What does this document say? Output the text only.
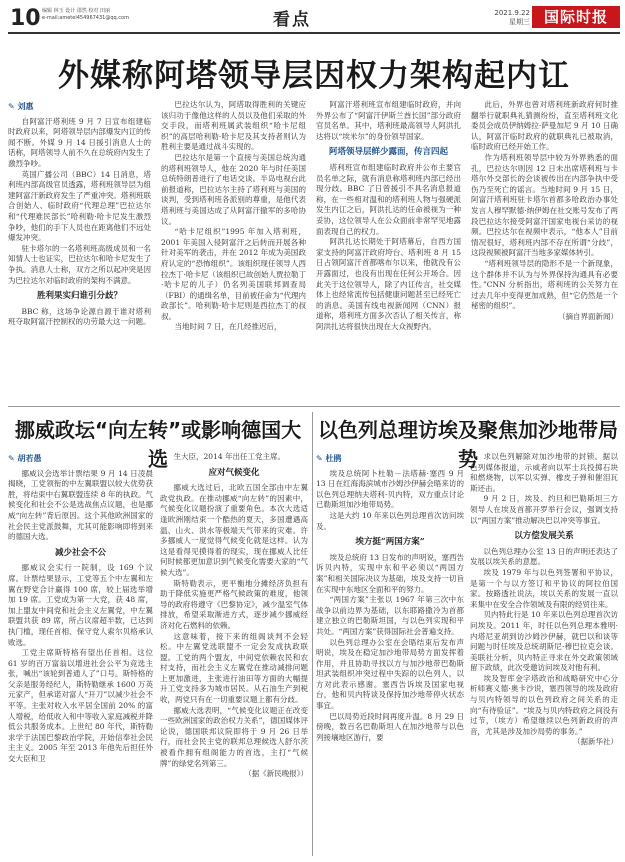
10 编辑 林玉 设计 邵然 校对 田丽
e-mail:ametel454967431@qq.com	看点	2021.9.22
星期三 国际时报
外媒称阿塔领导层因权力架构起内讧
✎ 刘惠

自阿富汗塔利班 9 月 7 日宣布组建临时政府以来，阿塔领导层内部爆发内讧的传闻不断。外媒 9 月 14 日援引消息人士的话称，阿塔领导人前不久在总统府内发生了激烈争吵。

英国广播公司（BBC）14 日消息，塔利班内部高级官员透露，塔利班领导层为组建阿富汗新政府发生了严重冲突。塔利班联合创始人、临时政府“代理总理”巴拉达尔和“代理难民部长”哈利勒·哈卡尼发生激烈争吵，他们的手下人员也在距离他们不远处爆发冲突。

驻卡塔尔的一名塔利班高级成员和一名知情人士也证实，巴拉达尔和哈卡尼发生了争执。消息人士称，双方之所以起冲突是因为巴拉达尔对临时政府的架构不满意。

胜利果实归谁引分歧？

BBC 称，这场争论源自源于谁对塔利班夺取阿富汗控制权的功劳最大这一问题。

巴拉达尔认为，阿塔取得胜利的关键应该归功于像他这样的人员以及他们采取的外交手段，而塔利班属武装组织“哈卡尼组织”的高层哈利勒·哈卡尼及其支持者则认为胜利主要是通过战斗实现的。

巴拉达尔是第一个直接与美国总统沟通的塔利班领导人，他在 2020 年与时任美国总统特朗普进行了电话交谈。半岛电视台此前报道称，巴拉达尔主持了塔利班与美国的谈判，受到塔利班各派别的尊重，是他代表塔利班与美国达成了从阿富汗撤军的多哈协议。

“哈卡尼组织”1995 年加入塔利班，2001 年美国入侵阿富汗之后转而开展各种针对美军的袭击，并在 2012 年成为美国政府认定的“恐怖组织”。该组织现任领导人西拉杰丁·哈卡尼（该组织已故创始人贾拉勒丁·哈卡尼的儿子）仍名列美国联邦调查局（FBI）的通缉名单，目前被任命为“代理内政部长”。哈利勒·哈卡尼则是西拉杰丁的叔叔。

当地时间 7 日，在几经推迟后，

阿富汗塔利班宣布组建临时政府，并向外界公布了“阿富汗伊斯兰酋长国”部分政府官员名单。其中，塔利班最高领导人阿洪扎达将以“埃米尔”的身份领导国家。

阿塔领导层鲜少露面，传言四起

塔利班宣布组建临时政府并公布主要官员名单之际，就有消息称塔利班内部已经出现分歧。BBC 了日曾援引不具名消息报道称，在一些相对温和的塔利班人物与强硬派发生内讧之后，阿洪扎达的任命被视为一种妥协，这位领导人在公众面前非常罕见地露面表现自己的权力。

阿洪扎达长期处于阿塔幕后，自西方国家支持的阿富汗政府垮台、塔利班 8 月 15 日占领阿富汗首都喀布尔以来，他就没有公开露面过，也没有出现在任何公开场合。因此关于这位领导人，除了内讧传言，社交媒体上也经常流传包括健康问题甚至已经死亡的消息。美国有线电视新闻网（CNN）报道称，塔利班方面多次否认了相关传言，称阿洪扎达将很快出现在大众视野内。

此后，外界也曾对塔利班新政府何时推翻举行就职典礼猜测纷纷，直至塔利班文化委员会成员伊纳姆拉·萨曼加尼 9 月 10 日确认，阿富汗临时政府的就职典礼已被取消，临时政府已经开始工作。

作为塔利班领导层中较为外界熟悉的面孔，巴拉达尔则因 12 日未出席塔利班与卡塔尔外交部长的会谈被传出在内部争执中受伤乃至死亡的谣言。当地时间 9 月 15 日，阿富汗塔利班驻卡塔尔首都多哈政治办事处发言人穆罕默德·纳伊姆在社交账号发布了两段巴拉达尔接受阿富汗国家电视台采访的视频。巴拉达尔在视频中表示，“他本人”目前情况很好，塔利班内部不存在所谓“分歧”，这段视频被阿富汗当地多家媒体转引。

“塔利班领导层的隐形不是一个新现象，这个群体并不认为与外界保持沟通具有必要性。”CNN 分析指出，塔利班的公关努力在过去几年中变得更加成熟，但“它仍然是一个秘密的组织”。

（摘自界面新闻）
挪威政坛“向左转”或影响德国大选
✎ 胡若愚

挪威议会选举计票结果 9 月 14 日凌晨揭晓，工党领衔的中左翼联盟以较大优势获胜，将结束中右翼联盟连续 8 年的执政。气候变化和社会不公是选战焦点议题，也是挪威“向左转”背后原因。这个其他欧洲国家的社会民主党派鼓舞，尤其可能影响即将到来的德国大选。

减少社会不公

挪威议会实行一院制，设 169 个议席。计票结果显示，工党等五个中左翼和左翼在野党合计赢得 100 席，较上届选举增加 19 席。工党成为第一大党，获 48 席，加上盟友中间党和社会主义左翼党，中左翼联盟共获 89 席，所占议席超半数，已达到执门槛，现任首相、保守党人索尔贝格承认败选。

工党主席斯特格有望出任首相。这位 61 岁的百万富翁以增进社会公平为竞选主张，喊出“该轮到普通人了”口号。斯特格的父亲是服务经纪人，斯特勒继承 1600 万英元家产，但承诺对富人“开刀”以减少社会不平等。主张对收入水平居全国前 20% 的富人增税，给低收入和中等收入家庭减税并降低公共服务成本。上世纪 80 年代，斯特勒求学于法国巴黎政治学院，开始信奉社会民主主义。2005 年至 2013 年他先后担任外交大臣和卫

生大臣，2014 年出任工党主席。

应对气候变化

挪威大选过后，北欧五国全部由中左翼政党执政。在推动挪威“向左转”的因素中，气候变化议题扮演了重要角色。本次大选适逢欧洲刚结束一个酷热的夏天，多国遭遇高温、山火、洪水等极端天气带来的灾难。许多挪威人一度觉得气候变化就是这样。认为这是看得见摸得着的现实，现在挪威人比任何时候都更加意识到气候变化需要大家的“气候大选”。

斯特勒表示，更平衡地分摊经济负担有助于降低实施更严格气候政策的难度，他领导的政府将遵守《巴黎协定》，减少温室气体排放，希望采取渐进方式，逐步减少挪威经济对化石燃料的依赖。

这意味着，接下来的组阁谈判不会轻松。中左翼党选联盟不一定会发成执政联盟。工党的两个盟友，中间党依赖农民和农村支持，而社会主义左翼党在推动减排问题上更加激进，主张进行油田等方面的大幅提升工党支持多为城市居民。从石油生产到税收，两党只有在一切重要议题上都有分歧。

挪威大选表明，“气候变化议题正在改变一些欧洲国家的政治权力关系”，德国媒体评论说，德国联邦议院即将于 9 月 26 日举行，而社会民主党的联邦总理候选人舒尔茨被看作拥有组阁能力的首选，主打“气候牌”的绿党名列第三。

（据《新民晚报》）
以色列总理访埃及聚焦加沙地带局势
✎ 杜鹃

埃及总统阿卜杜勒－法塔赫·塞西 9 月 13 日在红海海滨城市沙姆沙伊赫会晤来访的以色列总理纳夫塔利·贝内特，双方重点讨论已勒斯坦加沙地带局势。

这是大约 10 年来以色列总理首次访问埃及。

埃方挺“两国方案”

埃及总统府 13 日发布的声明说，塞西告诉贝内特，实现中东和平必须以“两国方案”和相关国际决议为基础，埃及支持一切旨在实现中东地区全面和平的努力。

“两国方案”主张以 1967 年第三次中东战争以前边界为基础，以东耶路撒冷为首都建立独立的巴勒斯坦国，与以色列实现和平共处。“两国方案”获得国际社会普遍支持。

以色列总理办公室在会晤结束后发布声明说，埃及在稳定加沙地带局势方面发挥着作用，并且协助寻找以方与加沙地带巴勒斯坦武装组织冲突过程中失踪的以色列人，以方对此表示感谢。塞西告诉埃及国家电视台，他和贝内特谈及保持加沙地带停火状态事宜。

巴以局势近段时间再度升温。8 月 29 日傍晚，数百名巴勒斯坦人在加沙地带与以色列接壤地区游行，要

求以色列解除对加沙地带的封锁。据以色列媒体报道，示威者向以军士兵投掷石块和燃烧物，以军以实弹、橡皮子弹和催泪瓦斯还击。

9 月 2 日，埃及、约旦和巴勒斯坦三方领导人在埃及首都开罗举行会议，强调支持以“两国方案”推动解决巴以冲突等事宜。

以方偿发展关系

以色列总理办公室 13 日的声明还表达了发展以埃关系的意愿。

埃及 1979 年与以色列签署和平协议，是第一个与以方签订和平协议的阿拉伯国家。按路透社说法，埃以关系的发展一直以来集中在安全合作领域及有限的经贸往来。

贝内特此行是 10 年来以色列总理首次访问埃及。2011 年，时任以色列总理本雅明·内塔尼亚胡到访沙姆沙伊赫，就巴以和谈等问题与时任埃及总统胡斯尼·穆巴拉克会谈。美联社分析，贝内特正寻求在外交政策领域留下政绩，此次受邀访问埃及对他有利。

埃及智库金字塔政治和战略研究中心分析师赛义德·奥卡沙说，塞西领导的埃及政府与贝内特领导的以色列政府之间关系的走向“有待验证”。“埃及与贝内特政府之间没有过节，（埃方）希望继续以色列新政府的声音，尤其是涉及加沙局势的事务。”

（据新华社）
